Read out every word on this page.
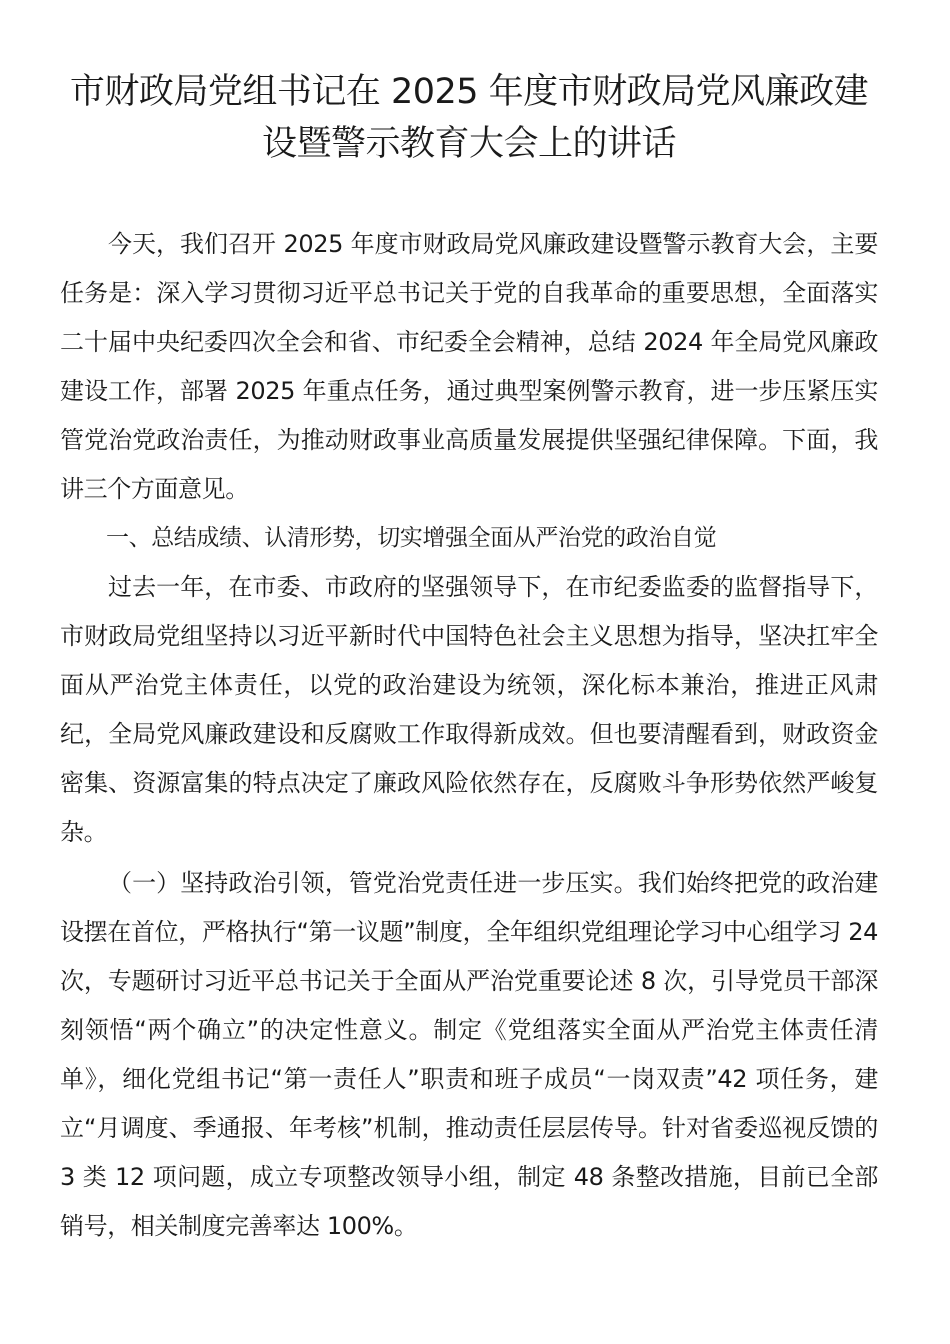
市财政局党组书记在 2025 年度市财政局党风廉政建设暨警示教育大会上的讲话

今天，我们召开 2025 年度市财政局党风廉政建设暨警示教育大会，主要任务是：深入学习贯彻习近平总书记关于党的自我革命的重要思想，全面落实二十届中央纪委四次全会和省、市纪委全会精神，总结 2024 年全局党风廉政建设工作，部署 2025 年重点任务，通过典型案例警示教育，进一步压紧压实管党治党政治责任，为推动财政事业高质量发展提供坚强纪律保障。下面，我讲三个方面意见。

一、总结成绩、认清形势，切实增强全面从严治党的政治自觉

过去一年，在市委、市政府的坚强领导下，在市纪委监委的监督指导下，市财政局党组坚持以习近平新时代中国特色社会主义思想为指导，坚决扛牢全面从严治党主体责任，以党的政治建设为统领，深化标本兼治，推进正风肃纪，全局党风廉政建设和反腐败工作取得新成效。但也要清醒看到，财政资金密集、资源富集的特点决定了廉政风险依然存在，反腐败斗争形势依然严峻复杂。

（一）坚持政治引领，管党治党责任进一步压实。我们始终把党的政治建设摆在首位，严格执行“第一议题”制度，全年组织党组理论学习中心组学习 24 次，专题研讨习近平总书记关于全面从严治党重要论述 8 次，引导党员干部深刻领悟“两个确立”的决定性意义。制定《党组落实全面从严治党主体责任清单》，细化党组书记“第一责任人”职责和班子成员“一岗双责”42 项任务，建立“月调度、季通报、年考核”机制，推动责任层层传导。针对省委巡视反馈的 3 类 12 项问题，成立专项整改领导小组，制定 48 条整改措施，目前已全部销号，相关制度完善率达 100%。
